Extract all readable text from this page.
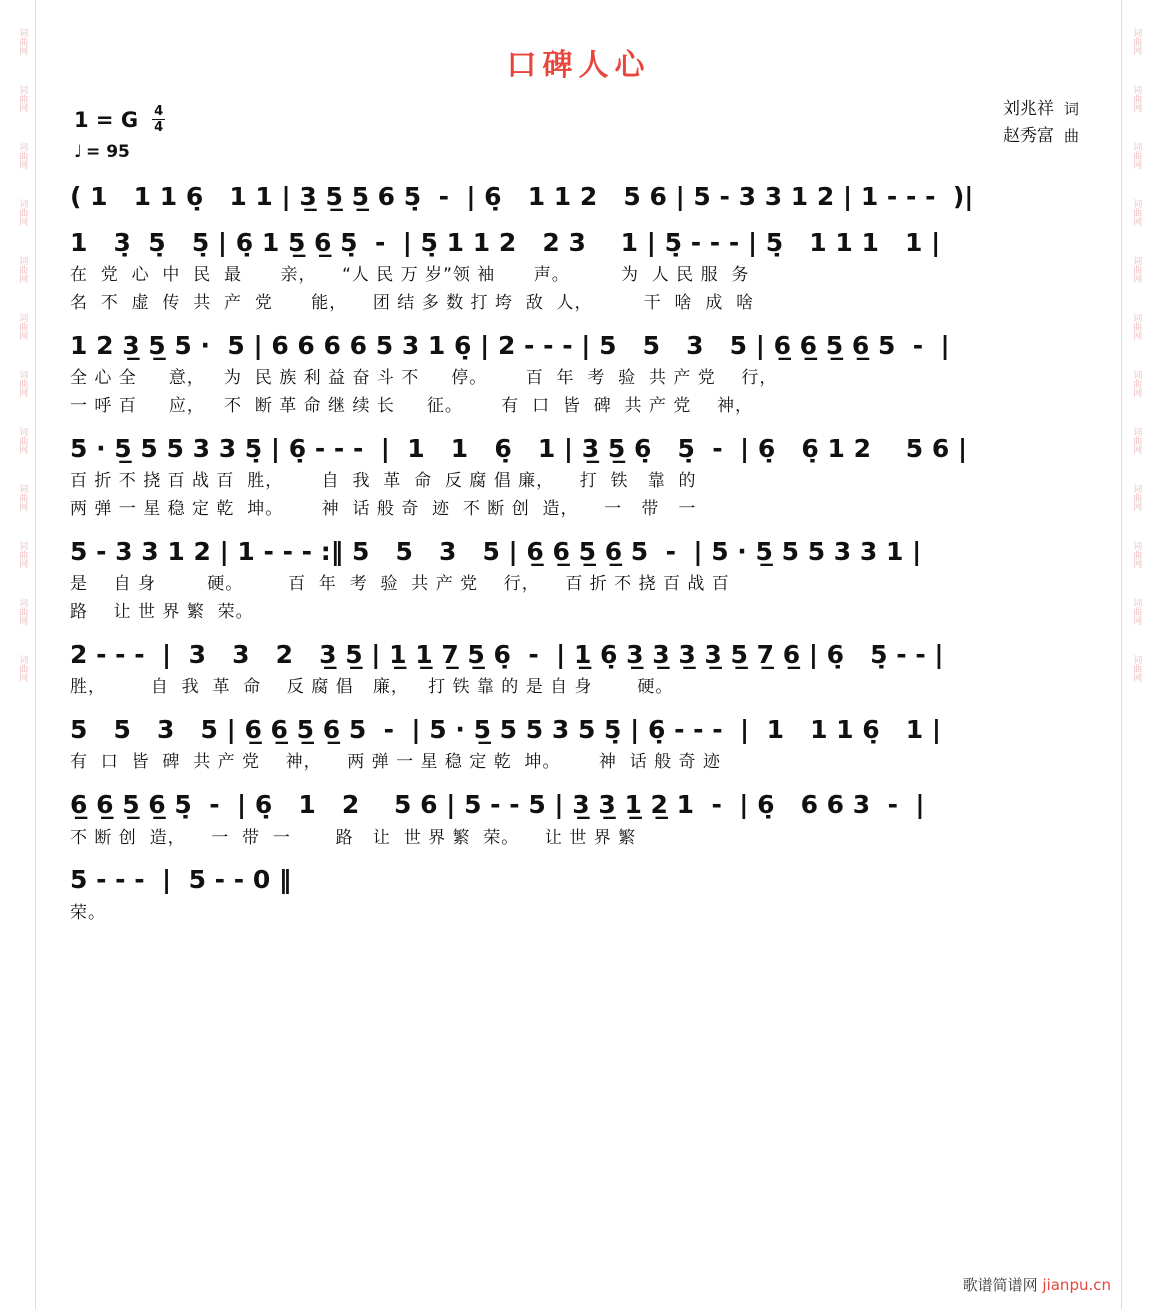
词曲网
词曲网
词曲网
词曲网
词曲网
词曲网
词曲网
词曲网
词曲网
词曲网
词曲网
词曲网
词曲网
词曲网
词曲网
词曲网
词曲网
词曲网
词曲网
词曲网
词曲网
词曲网
词曲网
词曲网
口碑人心
刘兆祥 词
赵秀富 曲
1 = G $\frac{4}{4}$
♩ = 95
( 1   1 1 6̣   1 1 | 3̲ 5̲ 5̲ 6 5̣  -  | 6̣   1 1 2   5 6 | 5 - 3 3 1 2 | 1 - - -  )|
1   3̣  5̣   5̣ | 6̣ 1 5̲ 6̲ 5̣  -  | 5̣ 1 1 2   2 3    1 | 5̣ - - - | 5̣   1 1 1   1 |
在  党  心  中  民  最      亲，    “人 民 万 岁”领 袖      声。        为  人 民 服  务
名  不  虚  传  共  产  党      能，    团 结 多 数 打 垮  敌  人，        干  啥  成  啥
1 2 3̲ 5̲ 5 ·  5 | 6 6 6 6 5 3 1 6̣ | 2 - - - | 5   5   3   5 | 6̲ 6̲ 5̲ 6̲ 5  -  |
全 心 全     意，   为  民 族 利 益 奋 斗 不     停。      百  年  考  验  共 产 党    行，
一 呼 百     应，   不  断 革 命 继 续 长     征。      有  口  皆  碑  共 产 党    神，
5 · 5̲ 5 5 3 3 5̣ | 6̣ - - -  |  1   1   6̣   1 | 3̲ 5̲ 6̣   5̣  -  | 6̣   6̣ 1 2    5 6 |
百 折 不 挠 百 战 百  胜，      自  我  革  命  反 腐 倡 廉，    打  铁   靠  的
两 弹 一 星 稳 定 乾  坤。      神  话 般 奇  迹  不 断 创  造，    一   带   一
5 - 3 3 1 2 | 1 - - - :‖ 5   5   3   5 | 6̲ 6̲ 5̲ 6̲ 5  -  | 5 · 5̲ 5 5 3 3 1 |
是    自 身        硬。       百  年  考  验  共 产 党    行，    百 折 不 挠 百 战 百
路    让 世 界 繁  荣。
2 - - -  |  3   3   2   3̲ 5̲ | 1̲ 1̲ 7̲ 5̲ 6̣  -  | 1̲ 6̣ 3̲ 3̲ 3̲ 3̲ 5̲ 7̲ 6̲ | 6̣   5̣ - - |
胜，       自  我  革  命    反 腐 倡   廉，   打 铁 靠 的 是 自 身       硬。
5   5   3   5 | 6̲ 6̲ 5̲ 6̲ 5  -  | 5 · 5̲ 5 5 3 5 5̣ | 6̣ - - -  |  1   1 1 6̣   1 |
有  口  皆  碑  共 产 党    神，    两 弹 一 星 稳 定 乾  坤。      神  话 般 奇 迹
6̲ 6̲ 5̲ 6̲ 5̣  -  | 6̣   1   2    5 6 | 5 - - 5 | 3̲ 3̲ 1̲ 2̲ 1  -  | 6̣   6 6 3  -  |
不 断 创  造，    一  带  一       路   让  世 界 繁  荣。    让 世 界 繁
5 - - -  |  5 - - 0 ‖
荣。
歌谱简谱网 jianpu.cn
